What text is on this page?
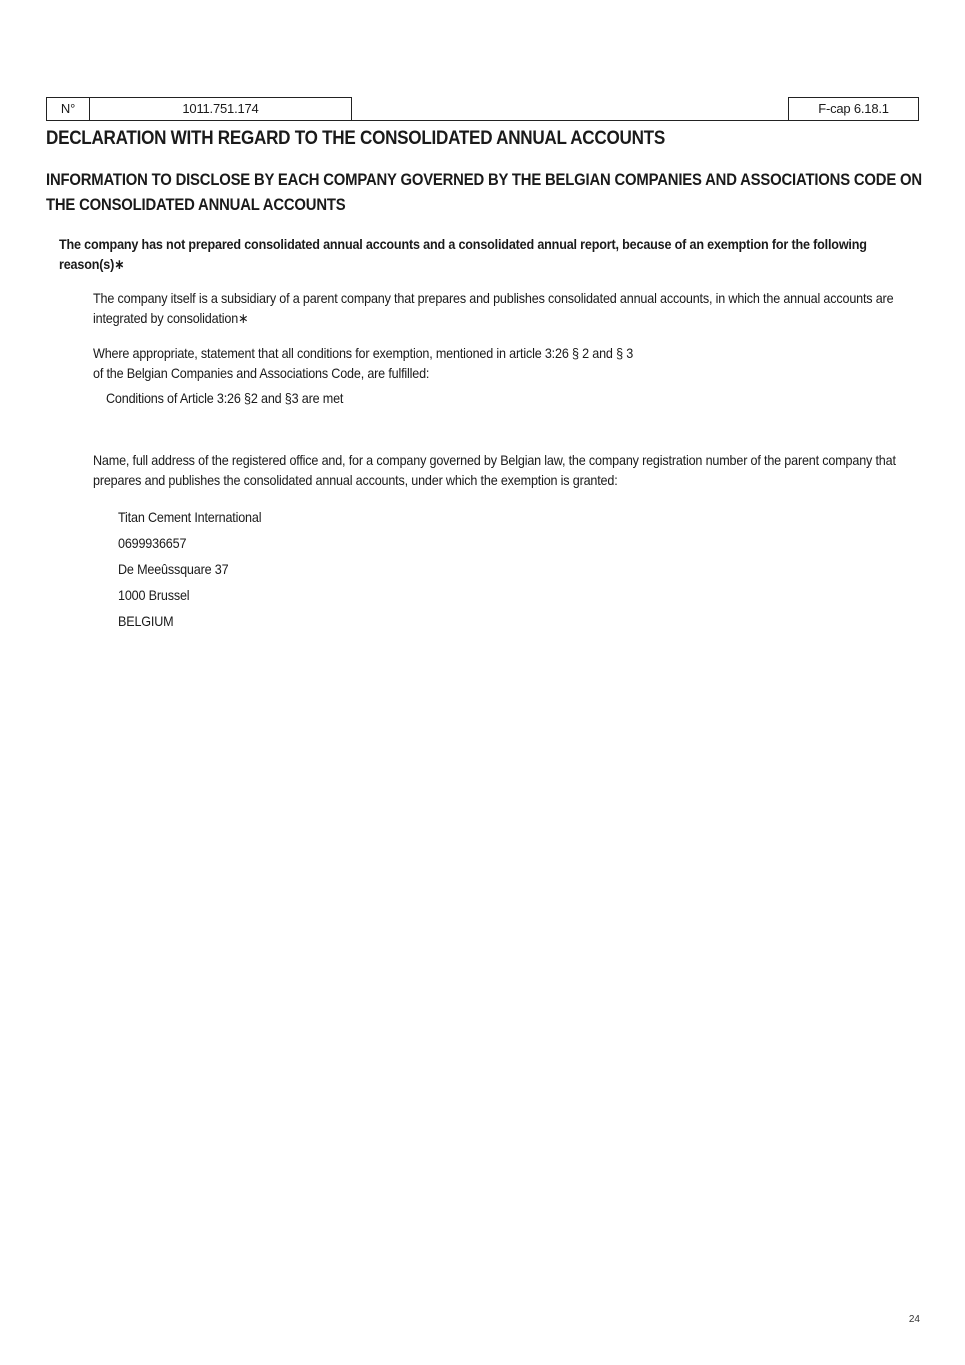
N°	1011.751.174	F-cap 6.18.1
DECLARATION WITH REGARD TO THE CONSOLIDATED ANNUAL ACCOUNTS
INFORMATION TO DISCLOSE BY EACH COMPANY GOVERNED BY THE BELGIAN COMPANIES AND ASSOCIATIONS CODE ON THE CONSOLIDATED ANNUAL ACCOUNTS

The company has not prepared consolidated annual accounts and a consolidated annual report, because of an exemption for the following reason(s)∗

The company itself is a subsidiary of a parent company that prepares and publishes consolidated annual accounts, in which the annual accounts are integrated by consolidation∗

Where appropriate, statement that all conditions for exemption, mentioned in article 3:26 § 2 and § 3
of the Belgian Companies and Associations Code, are fulfilled:

Conditions of Article 3:26 §2 and §3 are met

Name, full address of the registered office and, for a company governed by Belgian law, the company registration number of the parent company that prepares and publishes the consolidated annual accounts, under which the exemption is granted:

Titan Cement International
0699936657
De Meeûssquare 37
1000 Brussel
BELGIUM
24
